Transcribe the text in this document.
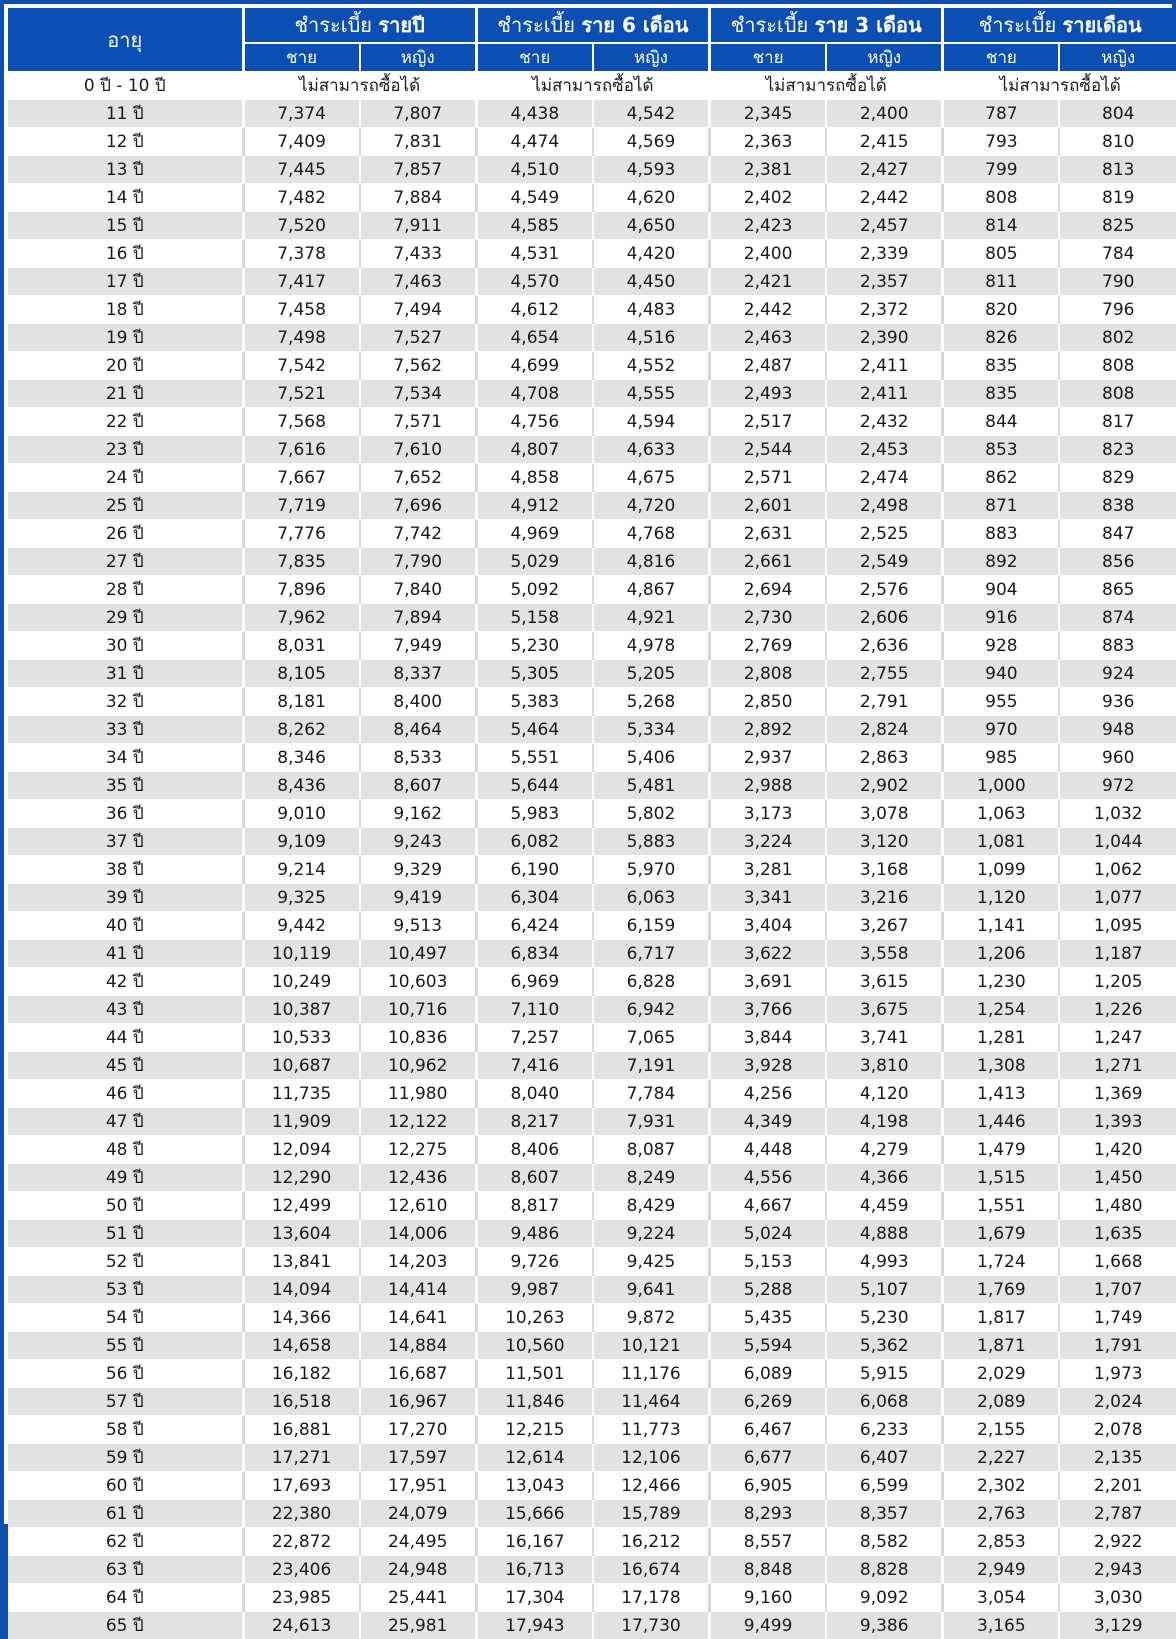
อายุ	ชำระเบี้ย รายปี		ชำระเบี้ย ราย 6 เดือน		ชำระเบี้ย ราย 3 เดือน		ชำระเบี้ย รายเดือน	
	ชาย	หญิง	ชาย	หญิง	ชาย	หญิง	ชาย	หญิง
0 ปี - 10 ปี	ไม่สามารถซื้อได้		ไม่สามารถซื้อได้		ไม่สามารถซื้อได้		ไม่สามารถซื้อได้	
11 ปี	7,374	7,807	4,438	4,542	2,345	2,400	787	804
12 ปี	7,409	7,831	4,474	4,569	2,363	2,415	793	810
13 ปี	7,445	7,857	4,510	4,593	2,381	2,427	799	813
14 ปี	7,482	7,884	4,549	4,620	2,402	2,442	808	819
15 ปี	7,520	7,911	4,585	4,650	2,423	2,457	814	825
16 ปี	7,378	7,433	4,531	4,420	2,400	2,339	805	784
17 ปี	7,417	7,463	4,570	4,450	2,421	2,357	811	790
18 ปี	7,458	7,494	4,612	4,483	2,442	2,372	820	796
19 ปี	7,498	7,527	4,654	4,516	2,463	2,390	826	802
20 ปี	7,542	7,562	4,699	4,552	2,487	2,411	835	808
21 ปี	7,521	7,534	4,708	4,555	2,493	2,411	835	808
22 ปี	7,568	7,571	4,756	4,594	2,517	2,432	844	817
23 ปี	7,616	7,610	4,807	4,633	2,544	2,453	853	823
24 ปี	7,667	7,652	4,858	4,675	2,571	2,474	862	829
25 ปี	7,719	7,696	4,912	4,720	2,601	2,498	871	838
26 ปี	7,776	7,742	4,969	4,768	2,631	2,525	883	847
27 ปี	7,835	7,790	5,029	4,816	2,661	2,549	892	856
28 ปี	7,896	7,840	5,092	4,867	2,694	2,576	904	865
29 ปี	7,962	7,894	5,158	4,921	2,730	2,606	916	874
30 ปี	8,031	7,949	5,230	4,978	2,769	2,636	928	883
31 ปี	8,105	8,337	5,305	5,205	2,808	2,755	940	924
32 ปี	8,181	8,400	5,383	5,268	2,850	2,791	955	936
33 ปี	8,262	8,464	5,464	5,334	2,892	2,824	970	948
34 ปี	8,346	8,533	5,551	5,406	2,937	2,863	985	960
35 ปี	8,436	8,607	5,644	5,481	2,988	2,902	1,000	972
36 ปี	9,010	9,162	5,983	5,802	3,173	3,078	1,063	1,032
37 ปี	9,109	9,243	6,082	5,883	3,224	3,120	1,081	1,044
38 ปี	9,214	9,329	6,190	5,970	3,281	3,168	1,099	1,062
39 ปี	9,325	9,419	6,304	6,063	3,341	3,216	1,120	1,077
40 ปี	9,442	9,513	6,424	6,159	3,404	3,267	1,141	1,095
41 ปี	10,119	10,497	6,834	6,717	3,622	3,558	1,206	1,187
42 ปี	10,249	10,603	6,969	6,828	3,691	3,615	1,230	1,205
43 ปี	10,387	10,716	7,110	6,942	3,766	3,675	1,254	1,226
44 ปี	10,533	10,836	7,257	7,065	3,844	3,741	1,281	1,247
45 ปี	10,687	10,962	7,416	7,191	3,928	3,810	1,308	1,271
46 ปี	11,735	11,980	8,040	7,784	4,256	4,120	1,413	1,369
47 ปี	11,909	12,122	8,217	7,931	4,349	4,198	1,446	1,393
48 ปี	12,094	12,275	8,406	8,087	4,448	4,279	1,479	1,420
49 ปี	12,290	12,436	8,607	8,249	4,556	4,366	1,515	1,450
50 ปี	12,499	12,610	8,817	8,429	4,667	4,459	1,551	1,480
51 ปี	13,604	14,006	9,486	9,224	5,024	4,888	1,679	1,635
52 ปี	13,841	14,203	9,726	9,425	5,153	4,993	1,724	1,668
53 ปี	14,094	14,414	9,987	9,641	5,288	5,107	1,769	1,707
54 ปี	14,366	14,641	10,263	9,872	5,435	5,230	1,817	1,749
55 ปี	14,658	14,884	10,560	10,121	5,594	5,362	1,871	1,791
56 ปี	16,182	16,687	11,501	11,176	6,089	5,915	2,029	1,973
57 ปี	16,518	16,967	11,846	11,464	6,269	6,068	2,089	2,024
58 ปี	16,881	17,270	12,215	11,773	6,467	6,233	2,155	2,078
59 ปี	17,271	17,597	12,614	12,106	6,677	6,407	2,227	2,135
60 ปี	17,693	17,951	13,043	12,466	6,905	6,599	2,302	2,201
61 ปี	22,380	24,079	15,666	15,789	8,293	8,357	2,763	2,787
62 ปี	22,872	24,495	16,167	16,212	8,557	8,582	2,853	2,922
63 ปี	23,406	24,948	16,713	16,674	8,848	8,828	2,949	2,943
64 ปี	23,985	25,441	17,304	17,178	9,160	9,092	3,054	3,030
65 ปี	24,613	25,981	17,943	17,730	9,499	9,386	3,165	3,129
